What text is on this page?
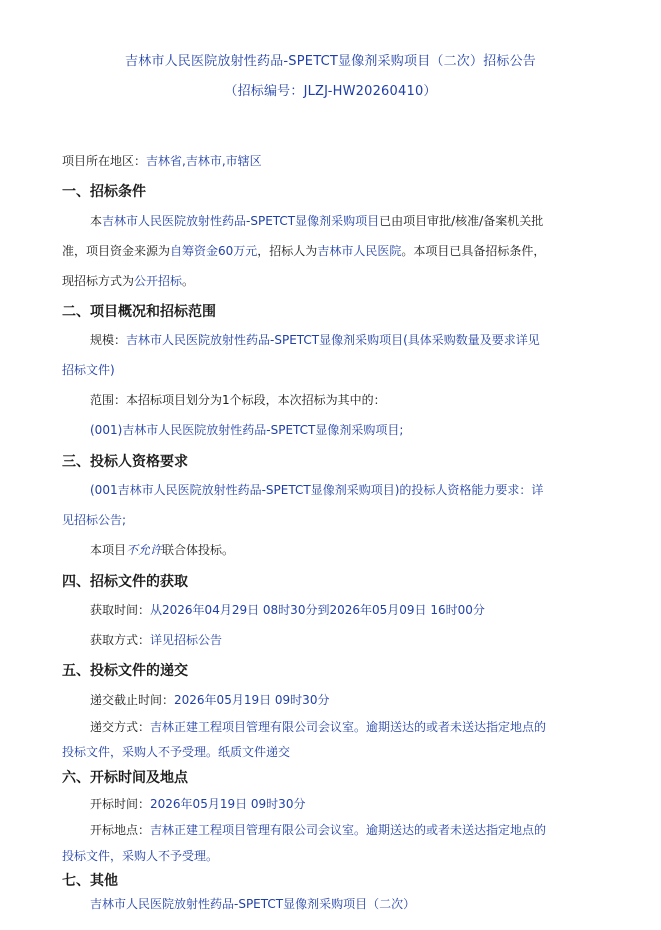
吉林市人民医院放射性药品-SPETCT显像剂采购项目（二次）招标公告
（招标编号：JLZJ-HW20260410）
项目所在地区：吉林省,吉林市,市辖区
一、招标条件
本吉林市人民医院放射性药品-SPETCT显像剂采购项目已由项目审批/核准/备案机关批
准，项目资金来源为自筹资金60万元，招标人为吉林市人民医院。本项目已具备招标条件，
现招标方式为公开招标。
二、项目概况和招标范围
规模：吉林市人民医院放射性药品-SPETCT显像剂采购项目(具体采购数量及要求详见
招标文件)
范围：本招标项目划分为1个标段，本次招标为其中的：
(001)吉林市人民医院放射性药品-SPETCT显像剂采购项目;
三、投标人资格要求
(001吉林市人民医院放射性药品-SPETCT显像剂采购项目)的投标人资格能力要求：详
见招标公告;
本项目不允许联合体投标。
四、招标文件的获取
获取时间：从2026年04月29日 08时30分到2026年05月09日 16时00分
获取方式：详见招标公告
五、投标文件的递交
递交截止时间：2026年05月19日 09时30分
递交方式：吉林正建工程项目管理有限公司会议室。逾期送达的或者未送达指定地点的
投标文件，采购人不予受理。纸质文件递交
六、开标时间及地点
开标时间：2026年05月19日 09时30分
开标地点：吉林正建工程项目管理有限公司会议室。逾期送达的或者未送达指定地点的
投标文件，采购人不予受理。
七、其他
吉林市人民医院放射性药品-SPETCT显像剂采购项目（二次）
